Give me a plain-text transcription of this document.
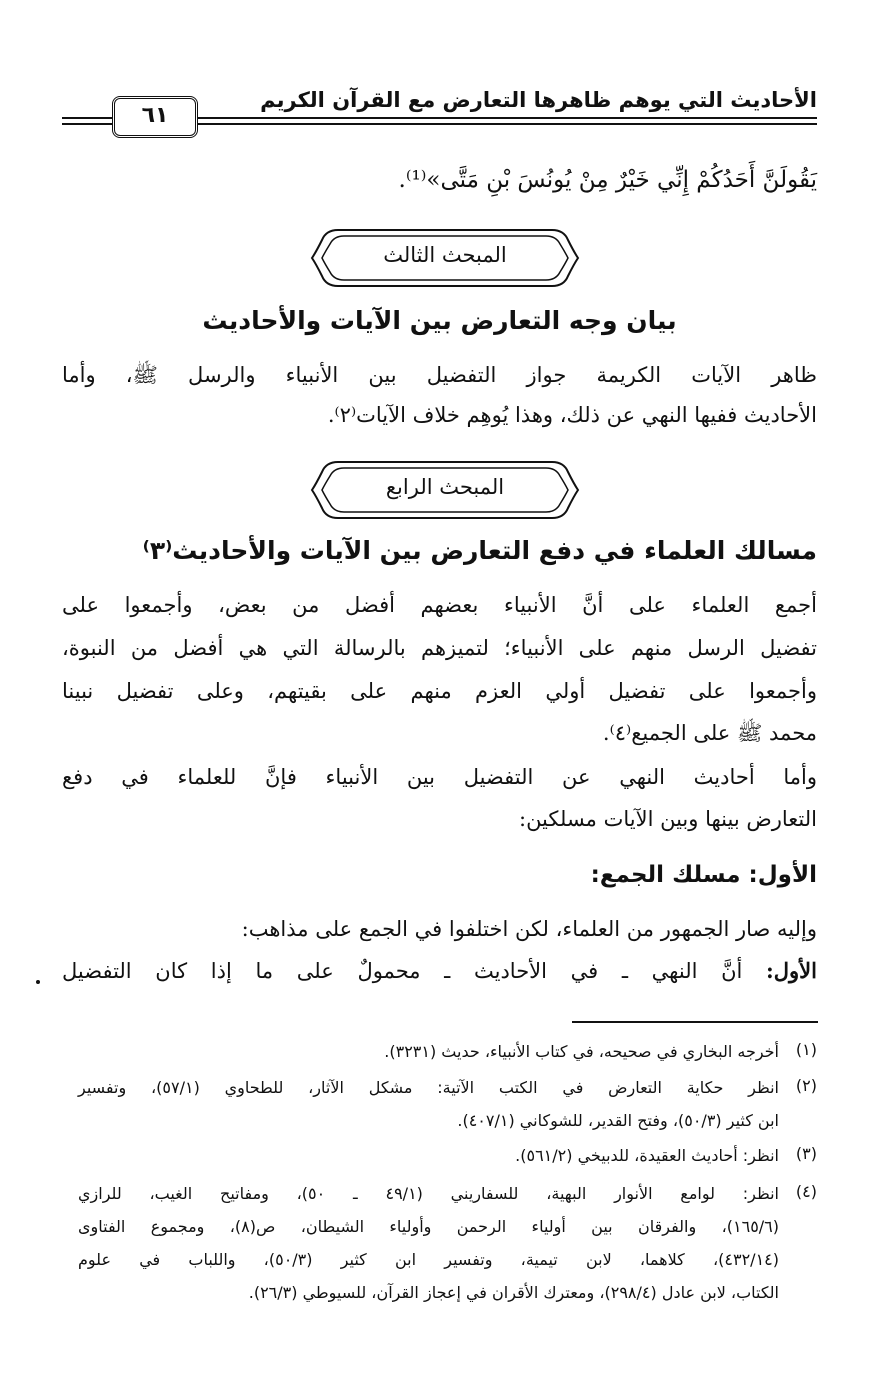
الأحاديث التي يوهم ظاهرها التعارض مع القرآن الكريم
٦١
يَقُولَنَّ أَحَدُكُمْ إِنِّي خَيْرٌ مِنْ يُونُسَ بْنِ مَتَّى»⁽¹⁾.
المبحث الثالث
بيان وجه التعارض بين الآيات والأحاديث
ظاهر الآيات الكريمة جواز التفضيل بين الأنبياء والرسل ﷺ، وأما
الأحاديث ففيها النهي عن ذلك، وهذا يُوهِم خلاف الآيات⁽٢⁾.
المبحث الرابع
مسالك العلماء في دفع التعارض بين الآيات والأحاديث⁽٣⁾
أجمع العلماء على أنَّ الأنبياء بعضهم أفضل من بعض، وأجمعوا على
تفضيل الرسل منهم على الأنبياء؛ لتميزهم بالرسالة التي هي أفضل من النبوة،
وأجمعوا على تفضيل أولي العزم منهم على بقيتهم، وعلى تفضيل نبينا
محمد ﷺ على الجميع⁽٤⁾.
وأما أحاديث النهي عن التفضيل بين الأنبياء فإنَّ للعلماء في دفع
التعارض بينها وبين الآيات مسلكين:
الأول: مسلك الجمع:
وإليه صار الجمهور من العلماء، لكن اختلفوا في الجمع على مذاهب:
الأول: أنَّ النهي ـ في الأحاديث ـ محمولٌ على ما إذا كان التفضيل
(١)
أخرجه البخاري في صحيحه، في كتاب الأنبياء، حديث (٣٢٣١).
(٢)
انظر حكاية التعارض في الكتب الآتية: مشكل الآثار، للطحاوي (٥٧/١)، وتفسير
ابن كثير (٥٠/٣)، وفتح القدير، للشوكاني (٤٠٧/١).
(٣)
انظر: أحاديث العقيدة، للدبيخي (٥٦١/٢).
(٤)
انظر: لوامع الأنوار البهية، للسفاريني (٤٩/١ ـ ٥٠)، ومفاتيح الغيب، للرازي
(١٦٥/٦)، والفرقان بين أولياء الرحمن وأولياء الشيطان، ص(٨)، ومجموع الفتاوى
(٤٣٢/١٤)، كلاهما، لابن تيمية، وتفسير ابن كثير (٥٠/٣)، واللباب في علوم
الكتاب، لابن عادل (٢٩٨/٤)، ومعترك الأقران في إعجاز القرآن، للسيوطي (٢٦/٣).
